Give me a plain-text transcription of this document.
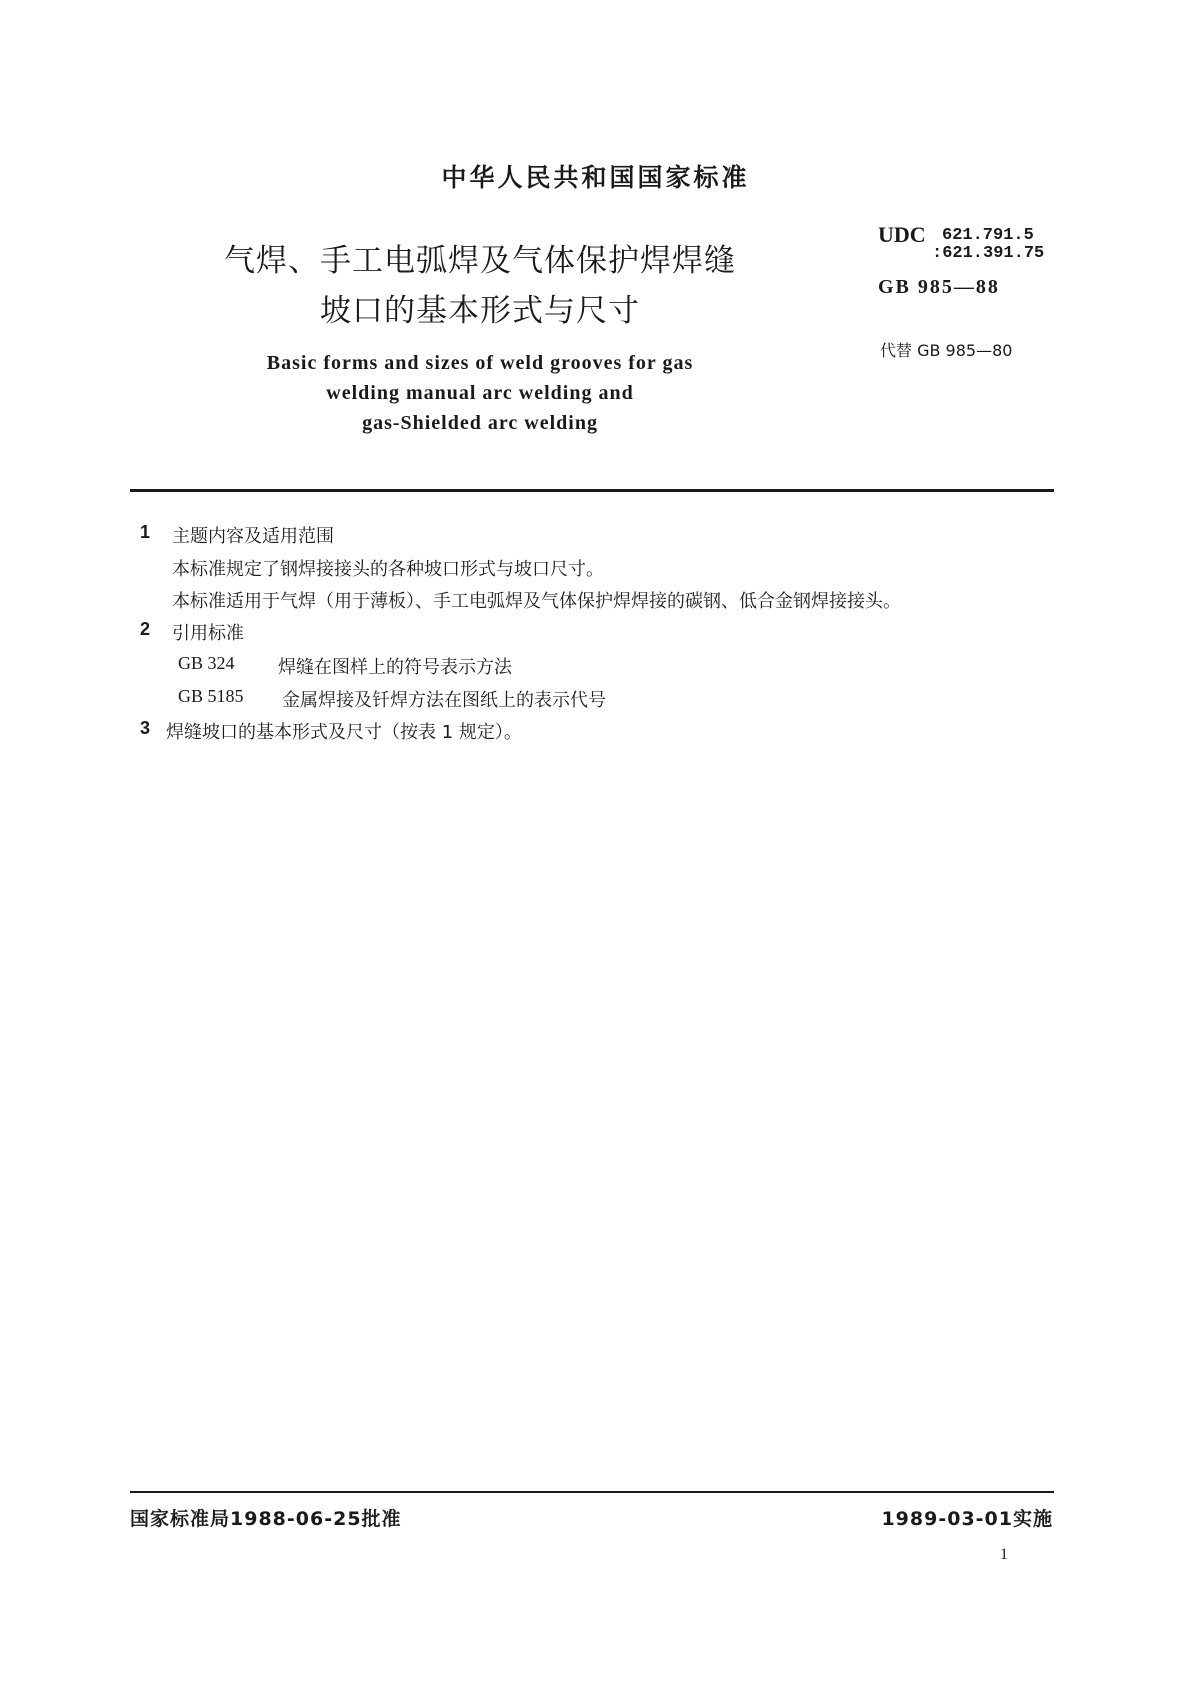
中华人民共和国国家标准
气焊、手工电弧焊及气体保护焊焊缝
坡口的基本形式与尺寸
UDC 621.791.5
:621.391.75
GB 985—88
代替 GB 985—80
Basic forms and sizes of weld grooves for gas
welding manual arc welding and
gas-Shielded arc welding
1 主题内容及适用范围
本标准规定了钢焊接接头的各种坡口形式与坡口尺寸。
本标准适用于气焊（用于薄板）、手工电弧焊及气体保护焊焊接的碳钢、低合金钢焊接接头。
2 引用标准
GB 324 焊缝在图样上的符号表示方法
GB 5185 金属焊接及钎焊方法在图纸上的表示代号
3 焊缝坡口的基本形式及尺寸（按表 1 规定）。
国家标准局1988-06-25批准	1989-03-01实施
1
